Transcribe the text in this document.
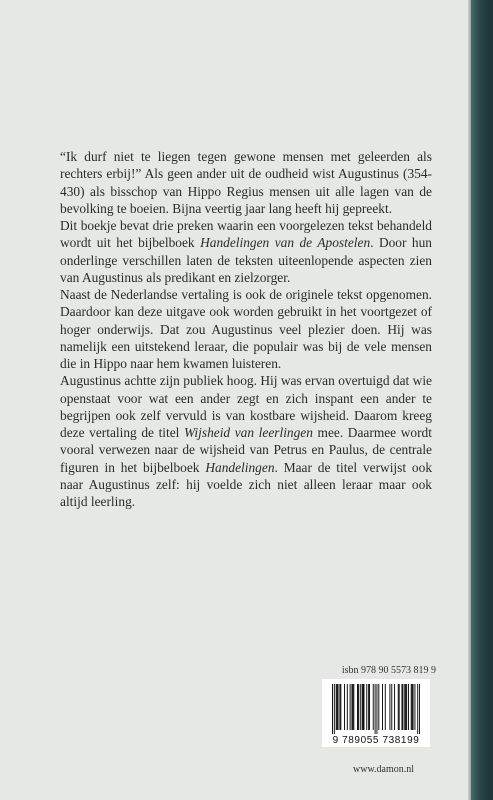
“Ik durf niet te liegen tegen gewone mensen met geleerden als rechters erbij!” Als geen ander uit de oudheid wist Augustinus (354-430) als bisschop van Hippo Regius mensen uit alle lagen van de bevolking te boeien. Bijna veertig jaar lang heeft hij gepreekt.

Dit boekje bevat drie preken waarin een voorgelezen tekst behandeld wordt uit het bijbelboek Handelingen van de Apostelen. Door hun onderlinge verschillen laten de teksten uiteenlopende aspecten zien van Augustinus als predikant en zielzorger.

Naast de Nederlandse vertaling is ook de originele tekst opgenomen. Daardoor kan deze uitgave ook worden gebruikt in het voortgezet of hoger onderwijs. Dat zou Augustinus veel plezier doen. Hij was namelijk een uitstekend leraar, die populair was bij de vele mensen die in Hippo naar hem kwamen luisteren.

Augustinus achtte zijn publiek hoog. Hij was ervan overtuigd dat wie openstaat voor wat een ander zegt en zich inspant een ander te begrijpen ook zelf vervuld is van kostbare wijsheid. Daarom kreeg deze vertaling de titel Wijsheid van leerlingen mee. Daarmee wordt vooral verwezen naar de wijsheid van Petrus en Paulus, de centrale figuren in het bijbelboek Handelingen. Maar de titel verwijst ook naar Augustinus zelf: hij voelde zich niet alleen leraar maar ook altijd leerling.

isbn 978 90 5573 819 9
9 789055 738199
www.damon.nl
